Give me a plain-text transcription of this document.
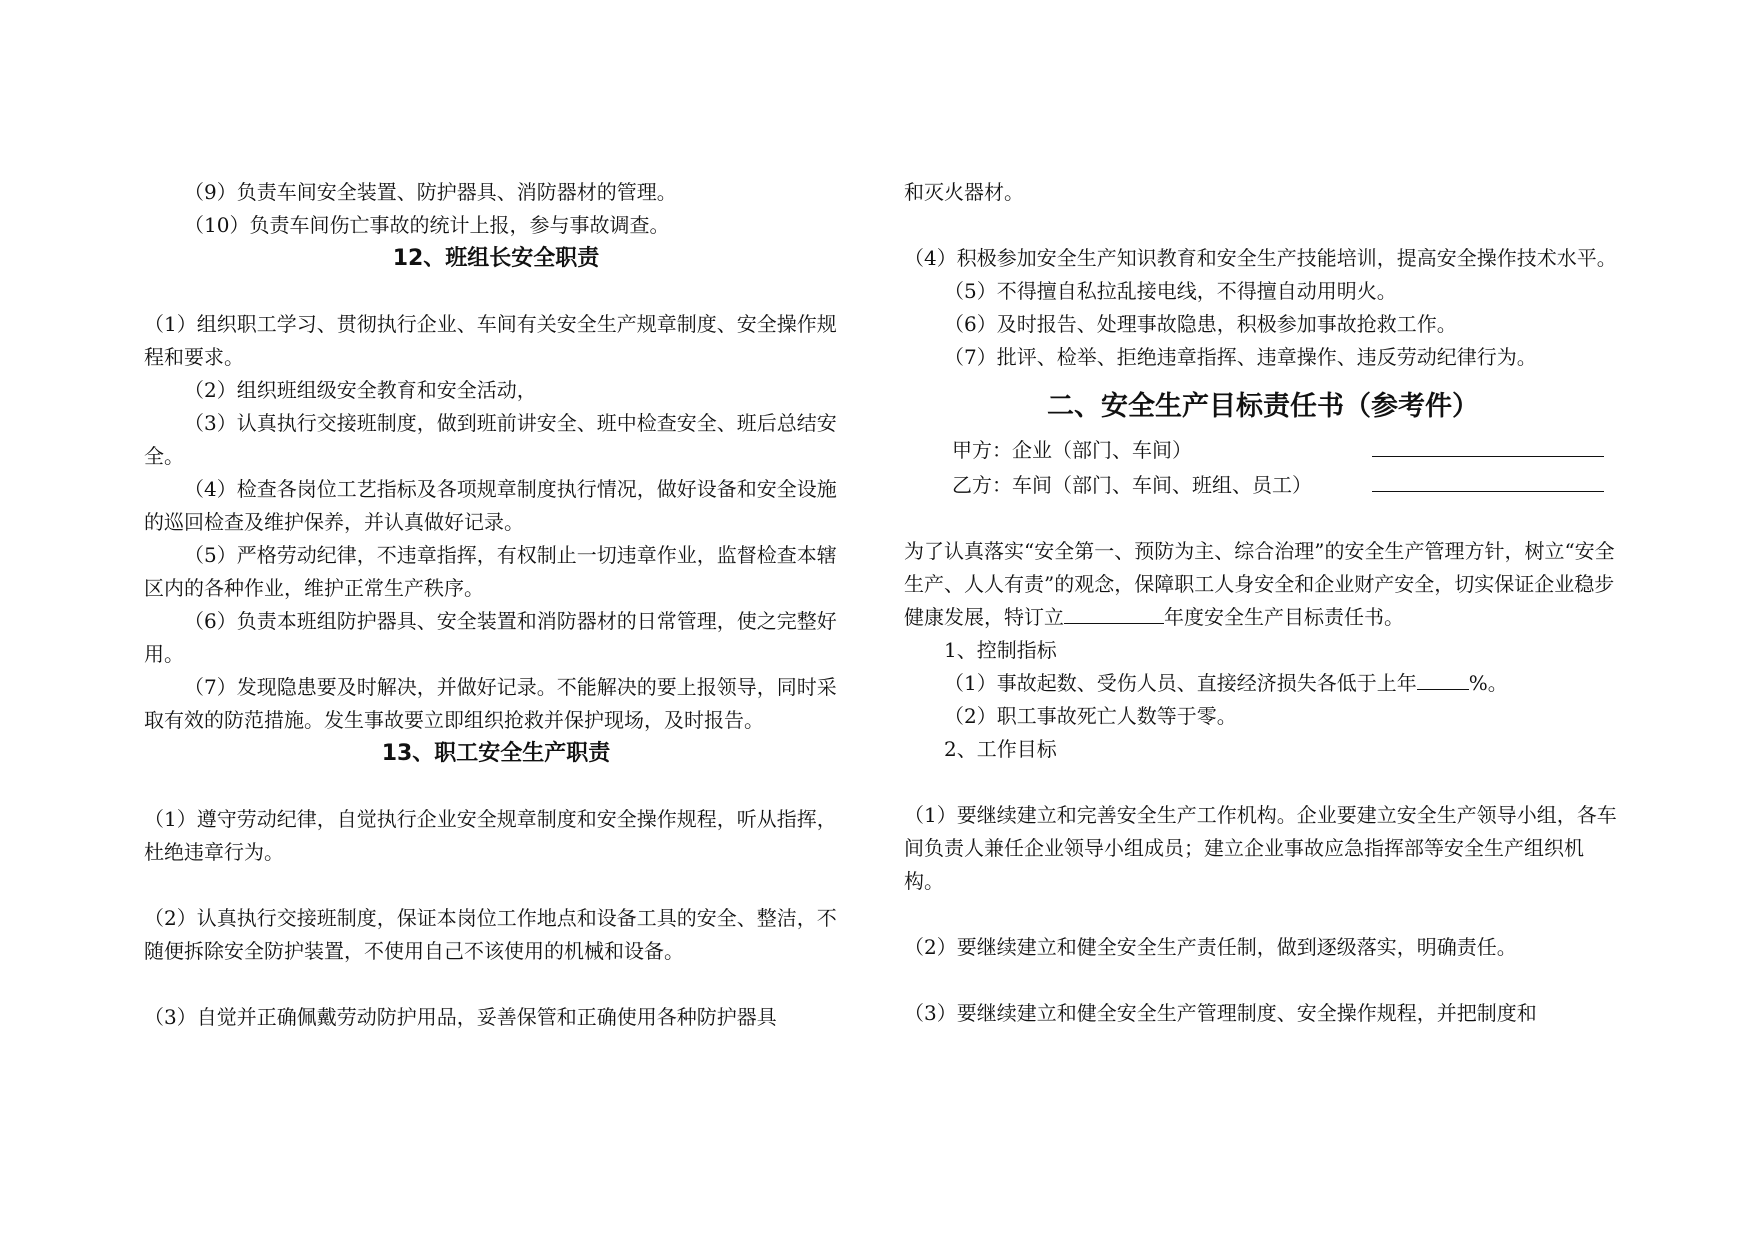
（9）负责车间安全装置、防护器具、消防器材的管理。

（10）负责车间伤亡事故的统计上报，参与事故调查。

12、班组长安全职责

（1）组织职工学习、贯彻执行企业、车间有关安全生产规章制度、安全操作规程和要求。

（2）组织班组级安全教育和安全活动，

（3）认真执行交接班制度，做到班前讲安全、班中检查安全、班后总结安全。

（4）检查各岗位工艺指标及各项规章制度执行情况，做好设备和安全设施的巡回检查及维护保养，并认真做好记录。

（5）严格劳动纪律，不违章指挥，有权制止一切违章作业，监督检查本辖区内的各种作业，维护正常生产秩序。

（6）负责本班组防护器具、安全装置和消防器材的日常管理，使之完整好用。

（7）发现隐患要及时解决，并做好记录。不能解决的要上报领导，同时采取有效的防范措施。发生事故要立即组织抢救并保护现场，及时报告。

13、职工安全生产职责

（1）遵守劳动纪律，自觉执行企业安全规章制度和安全操作规程，听从指挥，杜绝违章行为。

（2）认真执行交接班制度，保证本岗位工作地点和设备工具的安全、整洁，不随便拆除安全防护装置，不使用自己不该使用的机械和设备。

（3）自觉并正确佩戴劳动防护用品，妥善保管和正确使用各种防护器具

和灭火器材。

（4）积极参加安全生产知识教育和安全生产技能培训，提高安全操作技术水平。

（5）不得擅自私拉乱接电线，不得擅自动用明火。

（6）及时报告、处理事故隐患，积极参加事故抢救工作。

（7）批评、检举、拒绝违章指挥、违章操作、违反劳动纪律行为。

二、安全生产目标责任书（参考件）
甲方：企业（部门、车间）
乙方：车间（部门、车间、班组、员工）

为了认真落实“安全第一、预防为主、综合治理”的安全生产管理方针，树立“安全生产、人人有责”的观念，保障职工人身安全和企业财产安全，切实保证企业稳步健康发展，特订立	年度安全生产目标责任书。

1、控制指标

（1）事故起数、受伤人员、直接经济损失各低于上年	%。

（2）职工事故死亡人数等于零。

2、工作目标

（1）要继续建立和完善安全生产工作机构。企业要建立安全生产领导小组，各车间负责人兼任企业领导小组成员；建立企业事故应急指挥部等安全生产组织机构。

（2）要继续建立和健全安全生产责任制，做到逐级落实，明确责任。

（3）要继续建立和健全安全生产管理制度、安全操作规程，并把制度和
